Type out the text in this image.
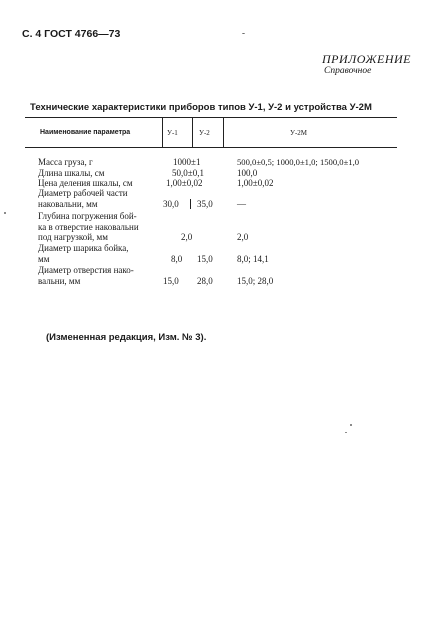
С. 4 ГОСТ 4766—73
ПРИЛОЖЕНИЕ
Справочное
Технические характеристики приборов типов У-1, У-2 и устройства У-2М
Наименование параметра	У-1	У-2	У-2М
Масса груза, г	1000±1	500,0±0,5; 1000,0±1,0; 1500,0±1,0
Длина шкалы, см	50,0±0,1	100,0
Цена деления шкалы, см	1,00±0,02	1,00±0,02
Диаметр рабочей части
наковальни, мм	30,0 35,0	—
Глубина погружения бой-
ка в отверстие наковальни
под нагрузкой, мм	2,0	2,0
Диаметр шарика бойка,
мм	8,0 15,0	8,0; 14,1
Диаметр отверстия нако-
вальни, мм	15,0 28,0	15,0; 28,0
(Измененная редакция, Изм. № 3).
